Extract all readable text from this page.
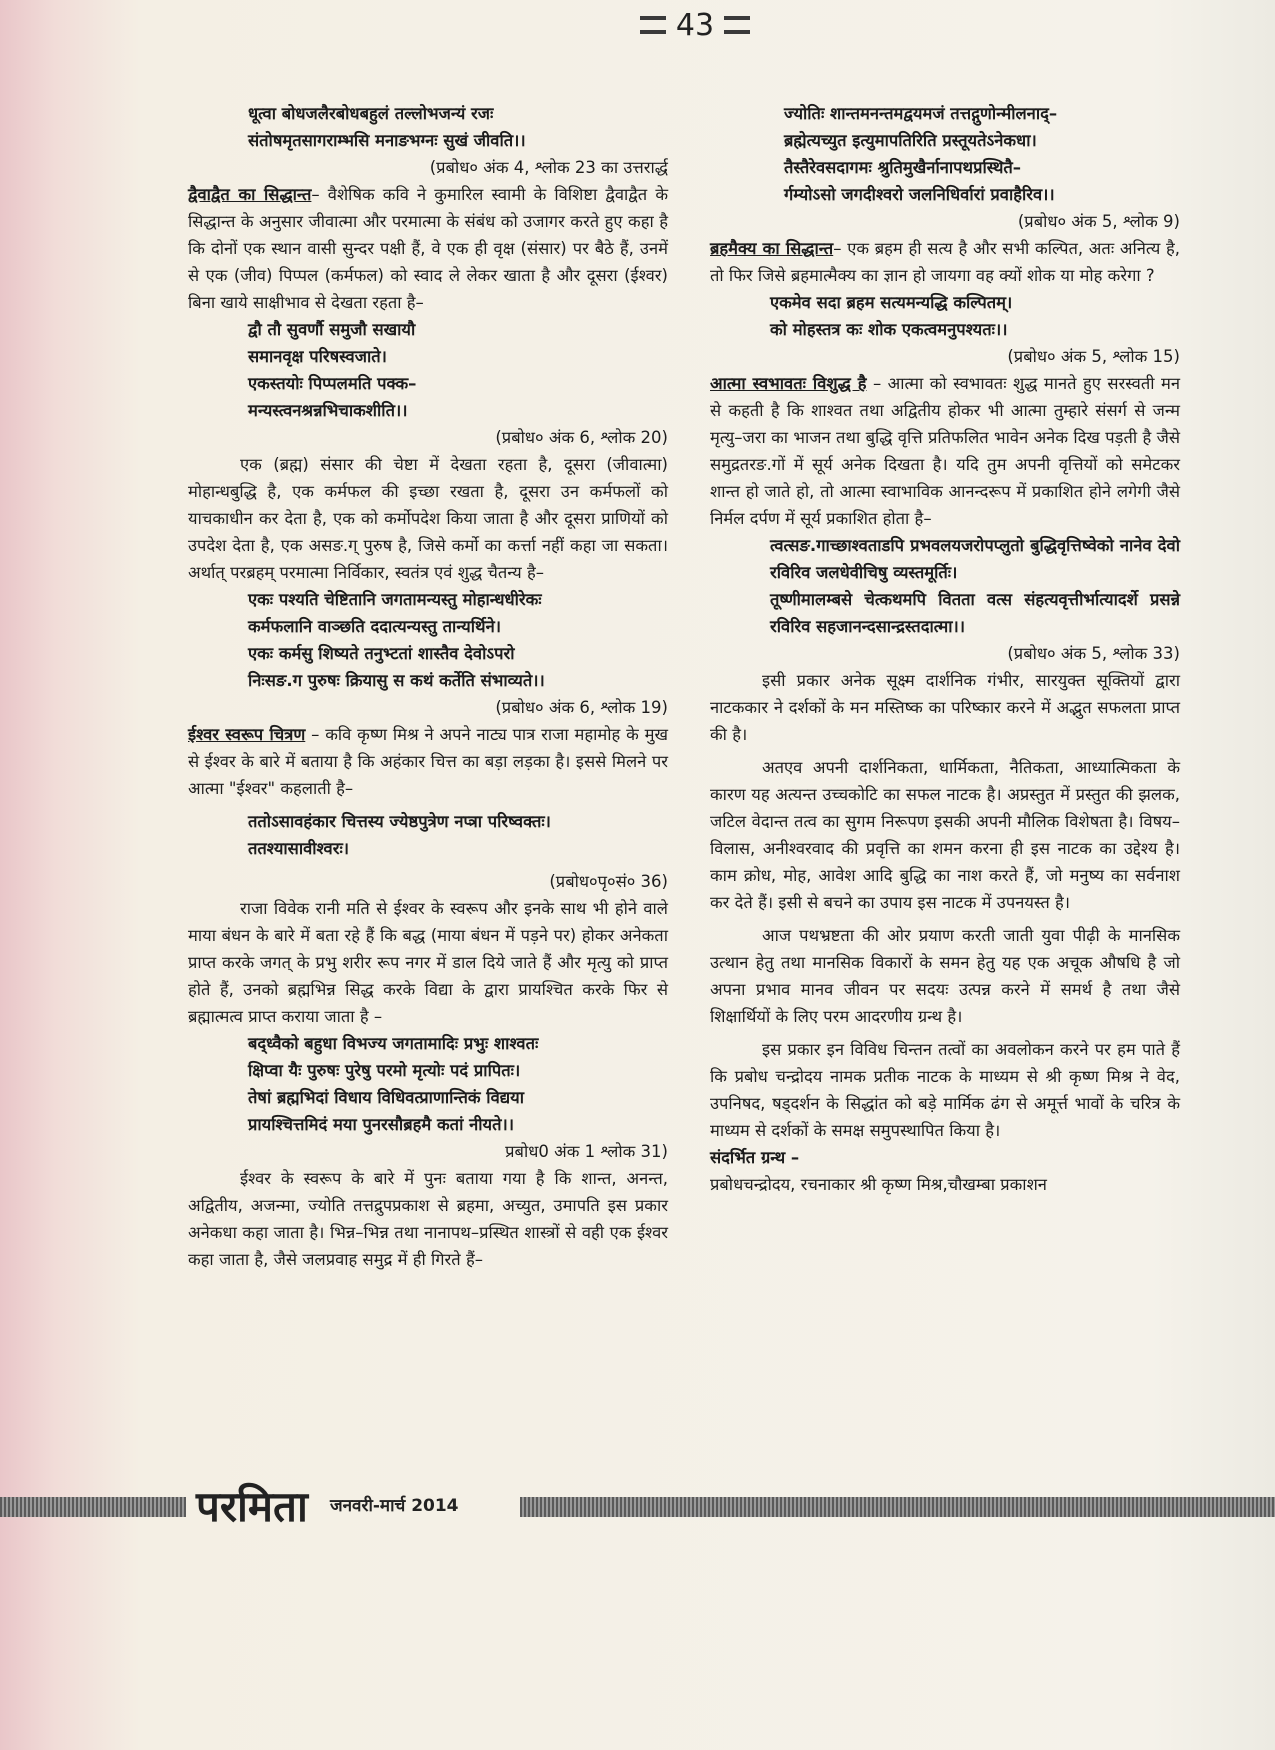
43
धूत्वा बोधजलैरबोधबहुलं तल्लोभजन्यं रजः
संतोषमृतसागराम्भसि मनाङभग्नः सुखं जीवति।।

(प्रबोध० अंक 4, श्लोक 23 का उत्तरार्द्ध

द्वैवाद्वैत का सिद्धान्त– वैशेषिक कवि ने कुमारिल स्वामी के विशिष्टा द्वैवाद्वैत के सिद्धान्त के अनुसार जीवात्मा और परमात्मा के संबंध को उजागर करते हुए कहा है कि दोनों एक स्थान वासी सुन्दर पक्षी हैं, वे एक ही वृक्ष (संसार) पर बैठे हैं, उनमें से एक (जीव) पिप्पल (कर्मफल) को स्वाद ले लेकर खाता है और दूसरा (ईश्वर) बिना खाये साक्षीभाव से देखता रहता है–

द्वौ तौ सुवर्णौ समुजौ सखायौ
समानवृक्ष परिषस्वजाते।
एकस्तयोः पिप्पलमति पक्क–
मन्यस्त्वनश्रन्नभिचाकशीति।।

(प्रबोध० अंक 6, श्लोक 20)

एक (ब्रह्म) संसार की चेष्टा में देखता रहता है, दूसरा (जीवात्मा) मोहान्धबुद्धि है, एक कर्मफल की इच्छा रखता है, दूसरा उन कर्मफलों को याचकाधीन कर देता है, एक को कर्मोपदेश किया जाता है और दूसरा प्राणियों को उपदेश देता है, एक असङ.ग् पुरुष है, जिसे कर्मो का कर्त्ता नहीं कहा जा सकता। अर्थात् परब्रहम् परमात्मा निर्विकार, स्वतंत्र एवं शुद्ध चैतन्य है–

एकः पश्यति चेष्टितानि जगतामन्यस्तु मोहान्धधीरेकः
कर्मफलानि वाञ्छति ददात्यन्यस्तु तान्यर्थिने।
एकः कर्मसु शिष्यते तनुभ्टतां शास्तैव देवोऽपरो
निःसङ.ग पुरुषः क्रियासु स कथं कर्तेति संभाव्यते।।

(प्रबोध० अंक 6, श्लोक 19)

ईश्वर स्वरूप चित्रण – कवि कृष्ण मिश्र ने अपने नाट्य पात्र राजा महामोह के मुख से ईश्वर के बारे में बताया है कि अहंकार चित्त का बड़ा लड़का है। इससे मिलने पर आत्मा "ईश्वर" कहलाती है–

ततोऽसावहंकार चित्तस्य ज्येष्ठपुत्रेण नप्त्रा परिष्वक्तः।
ततश्यासावीश्वरः।

(प्रबोध०पृ०सं० 36)

राजा विवेक रानी मति से ईश्वर के स्वरूप और इनके साथ भी होने वाले माया बंधन के बारे में बता रहे हैं कि बद्ध (माया बंधन में पड़ने पर) होकर अनेकता प्राप्त करके जगत् के प्रभु शरीर रूप नगर में डाल दिये जाते हैं और मृत्यु को प्राप्त होते हैं, उनको ब्रह्मभिन्न सिद्ध करके विद्या के द्वारा प्रायश्चित करके फिर से ब्रह्मात्मत्व प्राप्त कराया जाता है –

बद्ध्वैको बहुधा विभज्य जगतामादिः प्रभुः शाश्वतः
क्षिप्वा यैः पुरुषः पुरेषु परमो मृत्योः पदं प्रापितः।
तेषां ब्रह्मभिदां विधाय विधिवत्प्राणान्तिकं विद्यया
प्रायश्चित्तमिदं मया पुनरसौब्रहमै कतां नीयते।।

प्रबोध0 अंक 1 श्लोक 31)

ईश्वर के स्वरूप के बारे में पुनः बताया गया है कि शान्त, अनन्त, अद्वितीय, अजन्मा, ज्योति तत्तद्रुपप्रकाश से ब्रहमा, अच्युत, उमापति इस प्रकार अनेकधा कहा जाता है। भिन्न–भिन्न तथा नानापथ–प्रस्थित शास्त्रों से वही एक ईश्वर कहा जाता है, जैसे जलप्रवाह समुद्र में ही गिरते हैं–

ज्योतिः शान्तमनन्तमद्वयमजं तत्तद्गुणोन्मीलनाद्–
ब्रह्मेत्यच्युत इत्युमापतिरिति प्रस्तूयतेऽनेकधा।
तैस्तैरेवसदागमः श्रुतिमुखैर्नानापथप्रस्थितै–
र्गम्योऽसो जगदीश्वरो जलनिधिर्वारां प्रवाहैरिव।।

(प्रबोध० अंक 5, श्लोक 9)

ब्रहमैक्य का सिद्धान्त– एक ब्रहम ही सत्य है और सभी कल्पित, अतः अनित्य है, तो फिर जिसे ब्रहमात्मैक्य का ज्ञान हो जायगा वह क्यों शोक या मोह करेगा ?

एकमेव सदा ब्रहम सत्यमन्यद्धि कल्पितम्।
को मोहस्तत्र कः शोक एकत्वमनुपश्यतः।।

(प्रबोध० अंक 5, श्लोक 15)

आत्मा स्वभावतः विशुद्ध है – आत्मा को स्वभावतः शुद्ध मानते हुए सरस्वती मन से कहती है कि शाश्वत तथा अद्वितीय होकर भी आत्मा तुम्हारे संसर्ग से जन्म मृत्यु–जरा का भाजन तथा बुद्धि वृत्ति प्रतिफलित भावेन अनेक दिख पड़ती है जैसे समुद्रतरङ.गों में सूर्य अनेक दिखता है। यदि तुम अपनी वृत्तियों को समेटकर शान्त हो जाते हो, तो आत्मा स्वाभाविक आनन्दरूप में प्रकाशित होने लगेगी जैसे निर्मल दर्पण में सूर्य प्रकाशित होता है–

त्वत्सङ.गाच्छाश्वताडपि प्रभवलयजरोपप्लुतो बुद्धिवृत्तिष्वेको नानेव देवो रविरिव जलधेवीचिषु व्यस्तमूर्तिः।
तूष्णीमालम्बसे चेत्कथमपि वितता वत्स संहत्यवृत्तीर्भात्यादर्शे प्रसन्ने रविरिव सहजानन्दसान्द्रस्तदात्मा।।

(प्रबोध० अंक 5, श्लोक 33)

इसी प्रकार अनेक सूक्ष्म दार्शनिक गंभीर, सारयुक्त सूक्तियों द्वारा नाटककार ने दर्शकों के मन मस्तिष्क का परिष्कार करने में अद्भुत सफलता प्राप्त की है।

अतएव अपनी दार्शनिकता, धार्मिकता, नैतिकता, आध्यात्मिकता के कारण यह अत्यन्त उच्चकोटि का सफल नाटक है। अप्रस्तुत में प्रस्तुत की झलक, जटिल वेदान्त तत्व का सुगम निरूपण इसकी अपनी मौलिक विशेषता है। विषय–विलास, अनीश्वरवाद की प्रवृत्ति का शमन करना ही इस नाटक का उद्देश्य है। काम क्रोध, मोह, आवेश आदि बुद्धि का नाश करते हैं, जो मनुष्य का सर्वनाश कर देते हैं। इसी से बचने का उपाय इस नाटक में उपनयस्त है।

आज पथभ्रष्टता की ओर प्रयाण करती जाती युवा पीढ़ी के मानसिक उत्थान हेतु तथा मानसिक विकारों के समन हेतु यह एक अचूक औषधि है जो अपना प्रभाव मानव जीवन पर सदयः उत्पन्न करने में समर्थ है तथा जैसे शिक्षार्थियों के लिए परम आदरणीय ग्रन्थ है।

इस प्रकार इन विविध चिन्तन तत्वों का अवलोकन करने पर हम पाते हैं कि प्रबोध चन्द्रोदय नामक प्रतीक नाटक के माध्यम से श्री कृष्ण मिश्र ने वेद, उपनिषद, षड्दर्शन के सिद्धांत को बड़े मार्मिक ढंग से अमूर्त्त भावों के चरित्र के माध्यम से दर्शकों के समक्ष समुपस्थापित किया है।

संदर्भित ग्रन्थ –

प्रबोधचन्द्रोदय, रचनाकार श्री कृष्ण मिश्र,चौखम्बा प्रकाशन

परमिता जनवरी-मार्च 2014
